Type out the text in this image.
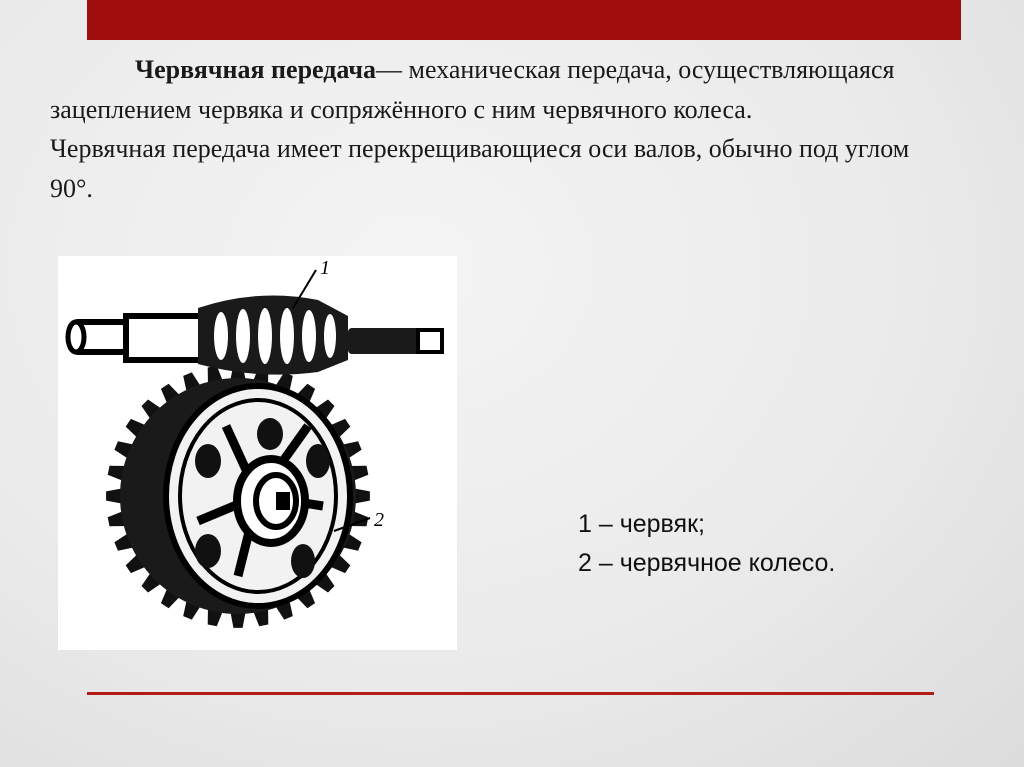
Червячная передача— механическая передача, осуществляющаяся зацеплением червяка и сопряжённого с ним червячного колеса.

Червячная передача имеет перекрещивающиеся оси валов, обычно под углом 90°.

1
2	1 – червяк;
2 – червячное колесо.
